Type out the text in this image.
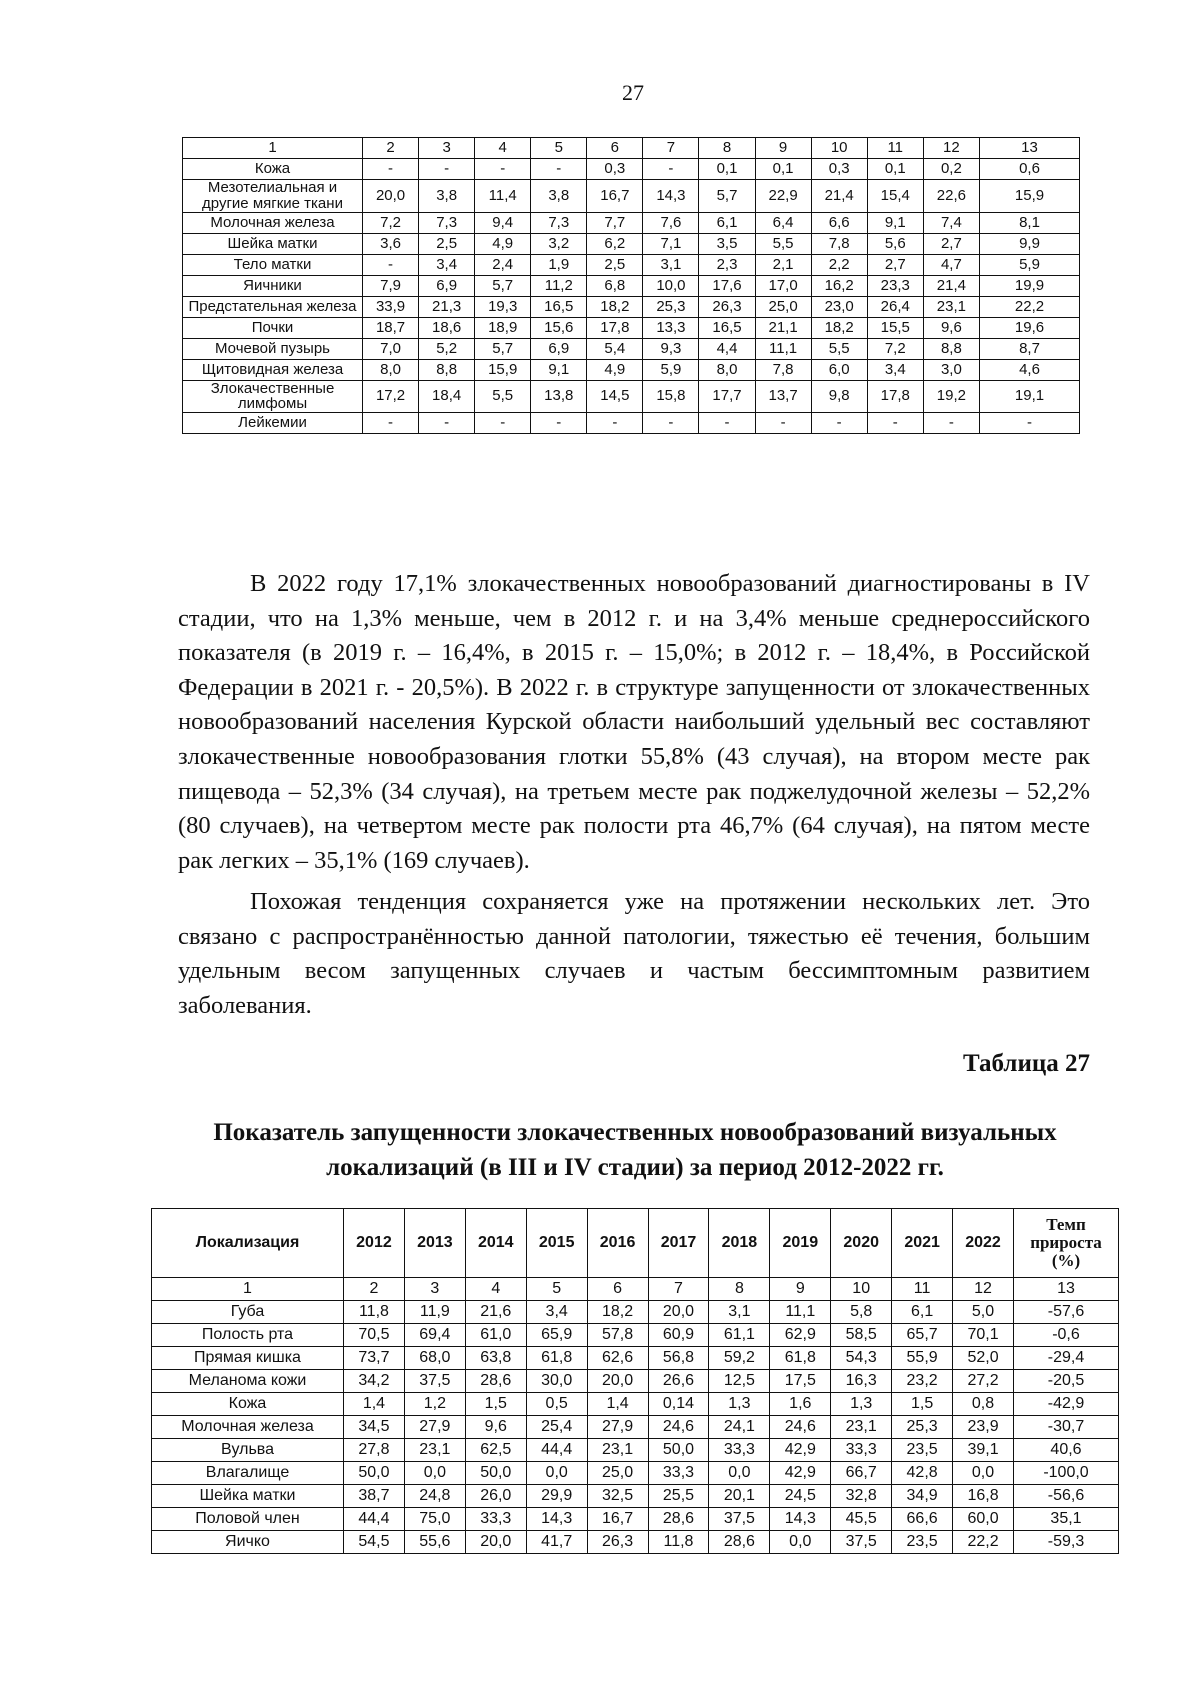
27
1	2	3	4	5	6	7	8	9	10	11	12	13
Кожа	-	-	-	-	0,3	-	0,1	0,1	0,3	0,1	0,2	0,6
Мезотелиальная и другие мягкие ткани	20,0	3,8	11,4	3,8	16,7	14,3	5,7	22,9	21,4	15,4	22,6	15,9
Молочная железа	7,2	7,3	9,4	7,3	7,7	7,6	6,1	6,4	6,6	9,1	7,4	8,1
Шейка матки	3,6	2,5	4,9	3,2	6,2	7,1	3,5	5,5	7,8	5,6	2,7	9,9
Тело матки	-	3,4	2,4	1,9	2,5	3,1	2,3	2,1	2,2	2,7	4,7	5,9
Яичники	7,9	6,9	5,7	11,2	6,8	10,0	17,6	17,0	16,2	23,3	21,4	19,9
Предстательная железа	33,9	21,3	19,3	16,5	18,2	25,3	26,3	25,0	23,0	26,4	23,1	22,2
Почки	18,7	18,6	18,9	15,6	17,8	13,3	16,5	21,1	18,2	15,5	9,6	19,6
Мочевой пузырь	7,0	5,2	5,7	6,9	5,4	9,3	4,4	11,1	5,5	7,2	8,8	8,7
Щитовидная железа	8,0	8,8	15,9	9,1	4,9	5,9	8,0	7,8	6,0	3,4	3,0	4,6
Злокачественные лимфомы	17,2	18,4	5,5	13,8	14,5	15,8	17,7	13,7	9,8	17,8	19,2	19,1
Лейкемии	-	-	-	-	-	-	-	-	-	-	-	-

В 2022 году 17,1% злокачественных новообразований диагностированы в IV стадии, что на 1,3% меньше, чем в 2012 г. и на 3,4% меньше среднероссийского показателя (в 2019 г. – 16,4%, в 2015 г. – 15,0%; в 2012 г. – 18,4%, в Российской Федерации в 2021 г. - 20,5%). В 2022 г. в структуре запущенности от злокачественных новообразований населения Курской области наибольший удельный вес составляют злокачественные новообразования глотки 55,8% (43 случая), на втором месте рак пищевода – 52,3% (34 случая), на третьем месте рак поджелудочной железы – 52,2% (80 случаев), на четвертом месте рак полости рта 46,7% (64 случая), на пятом месте рак легких – 35,1% (169 случаев).

Похожая тенденция сохраняется уже на протяжении нескольких лет. Это связано с распространённостью данной патологии, тяжестью её течения, большим удельным весом запущенных случаев и частым бессимптомным развитием заболевания.

Таблица 27
Показатель запущенности злокачественных новообразований визуальных локализаций (в III и IV стадии) за период 2012-2022 гг.
Локализация	2012	2013	2014	2015	2016	2017	2018	2019	2020	2021	2022	Темп прироста (%)
1	2	3	4	5	6	7	8	9	10	11	12	13
Губа	11,8	11,9	21,6	3,4	18,2	20,0	3,1	11,1	5,8	6,1	5,0	-57,6
Полость рта	70,5	69,4	61,0	65,9	57,8	60,9	61,1	62,9	58,5	65,7	70,1	-0,6
Прямая кишка	73,7	68,0	63,8	61,8	62,6	56,8	59,2	61,8	54,3	55,9	52,0	-29,4
Меланома кожи	34,2	37,5	28,6	30,0	20,0	26,6	12,5	17,5	16,3	23,2	27,2	-20,5
Кожа	1,4	1,2	1,5	0,5	1,4	0,14	1,3	1,6	1,3	1,5	0,8	-42,9
Молочная железа	34,5	27,9	9,6	25,4	27,9	24,6	24,1	24,6	23,1	25,3	23,9	-30,7
Вульва	27,8	23,1	62,5	44,4	23,1	50,0	33,3	42,9	33,3	23,5	39,1	40,6
Влагалище	50,0	0,0	50,0	0,0	25,0	33,3	0,0	42,9	66,7	42,8	0,0	-100,0
Шейка матки	38,7	24,8	26,0	29,9	32,5	25,5	20,1	24,5	32,8	34,9	16,8	-56,6
Половой член	44,4	75,0	33,3	14,3	16,7	28,6	37,5	14,3	45,5	66,6	60,0	35,1
Яичко	54,5	55,6	20,0	41,7	26,3	11,8	28,6	0,0	37,5	23,5	22,2	-59,3
